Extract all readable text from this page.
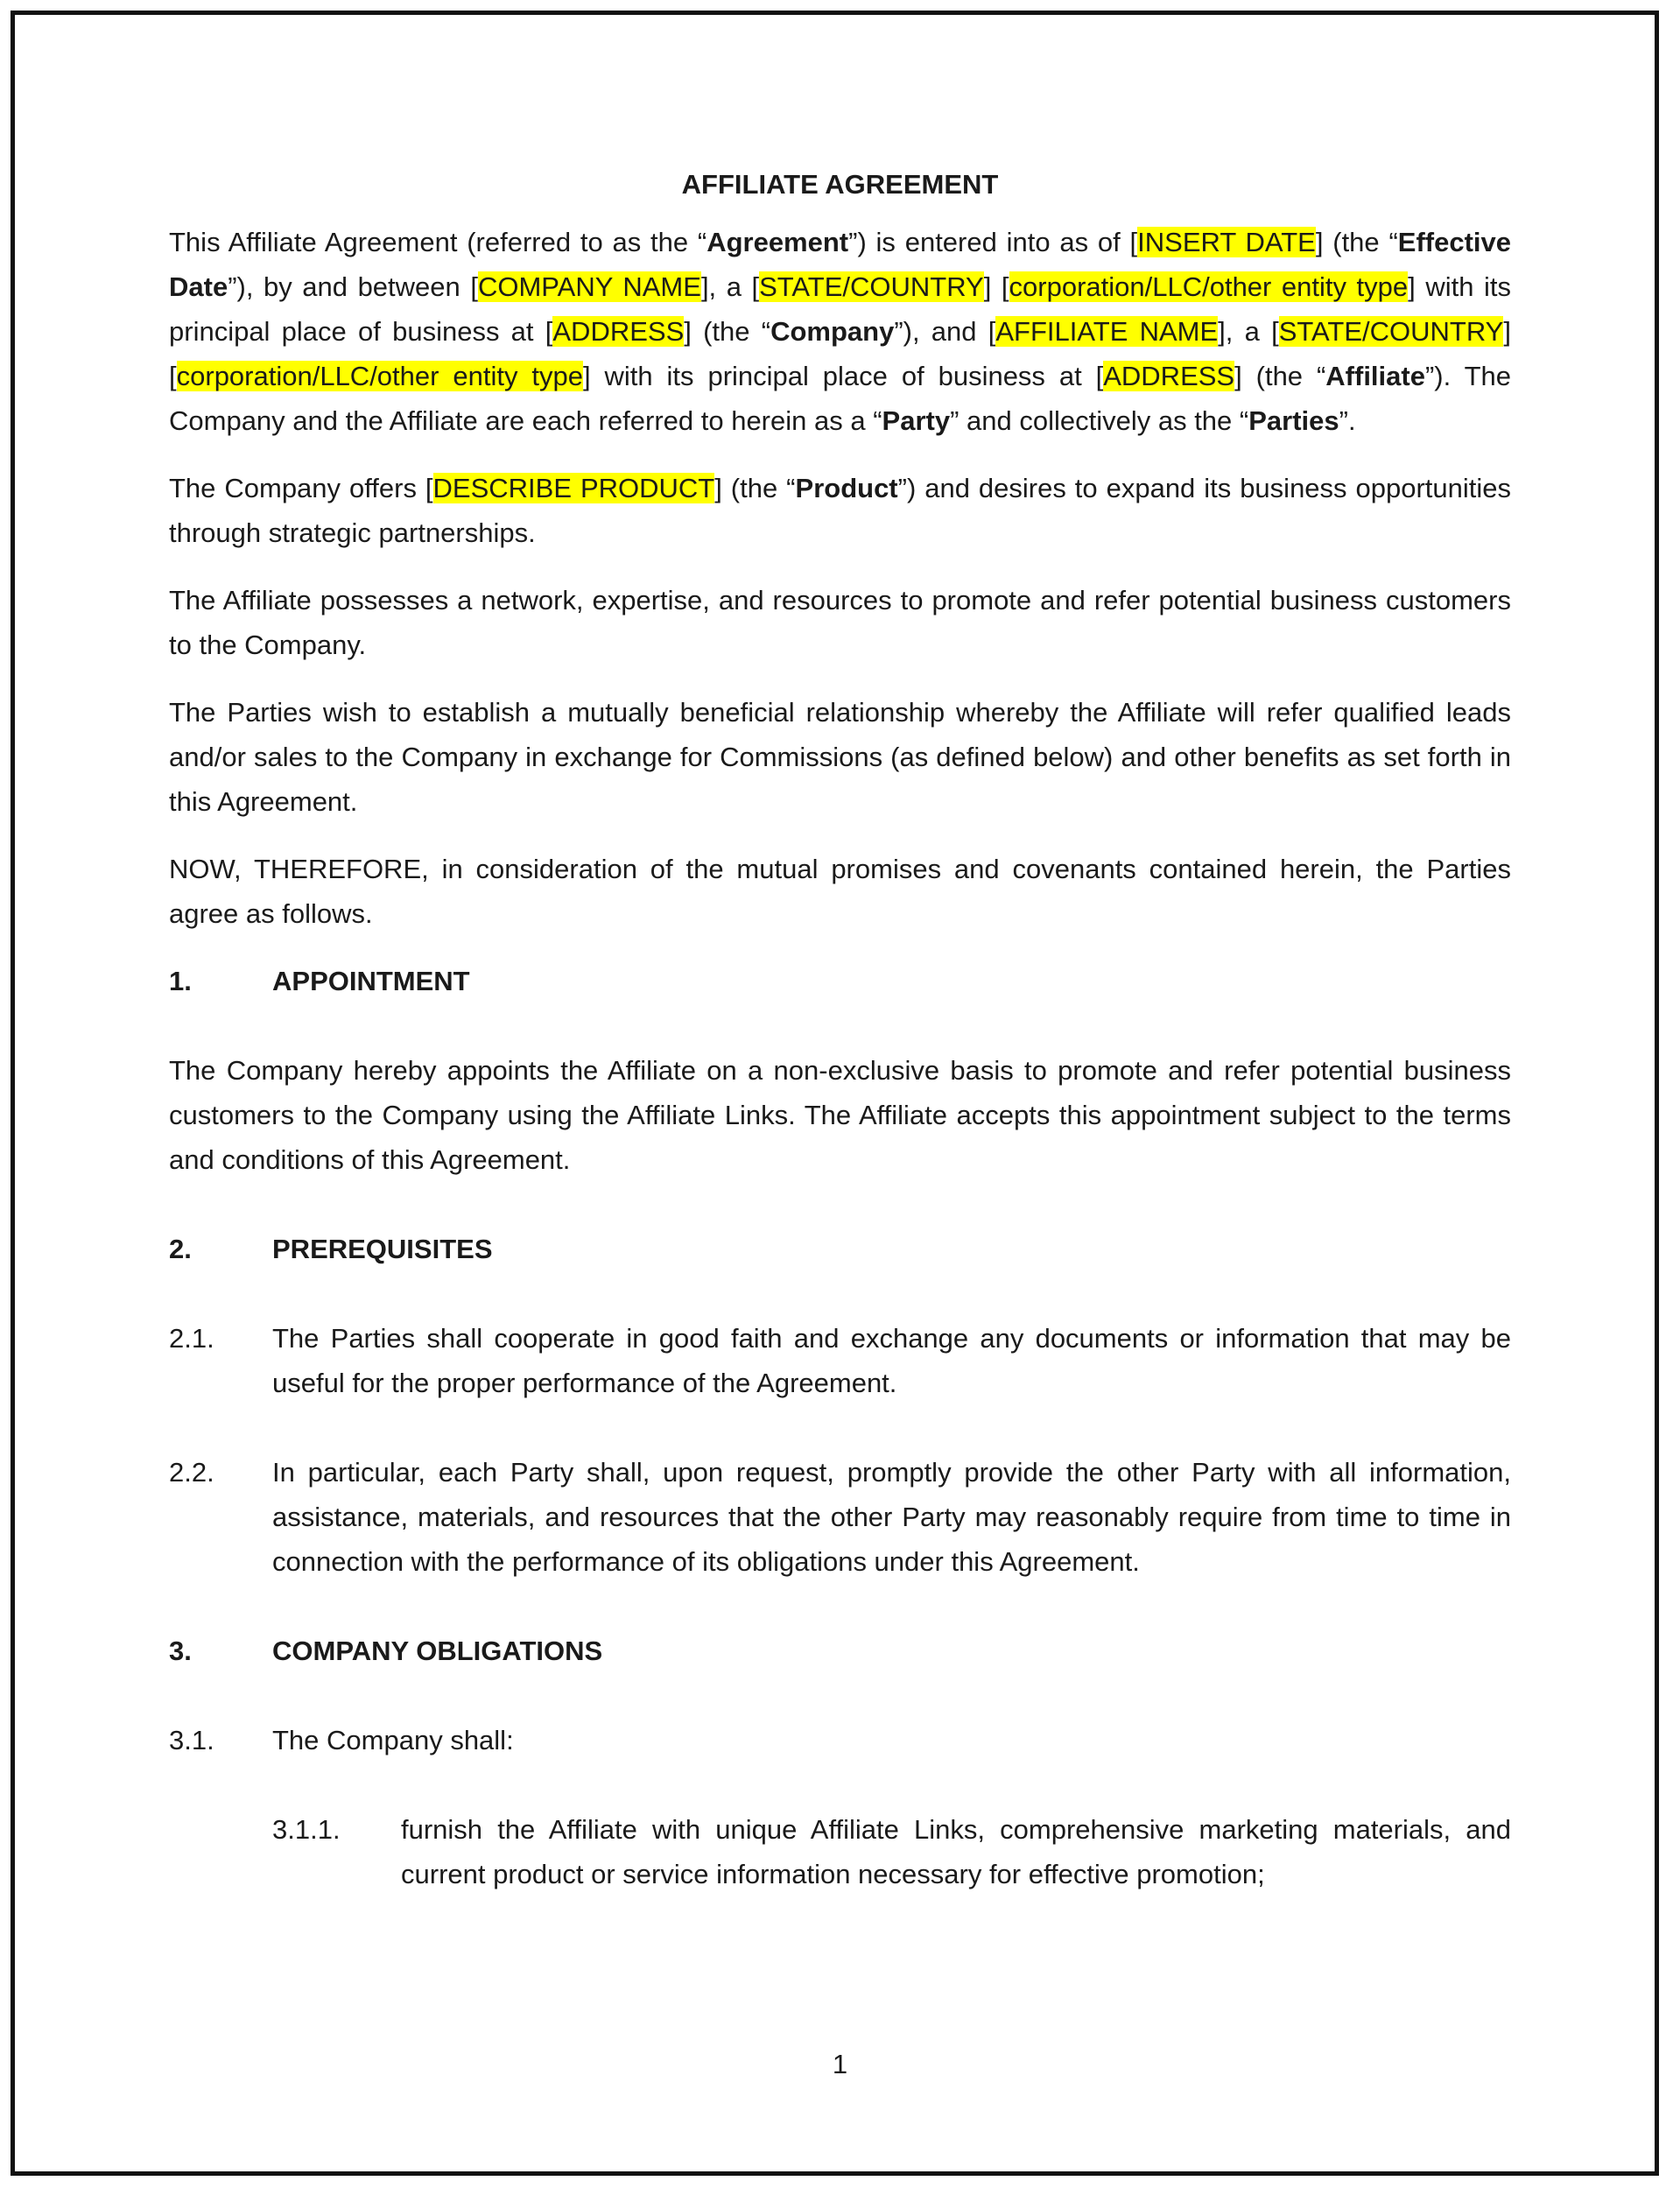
AFFILIATE AGREEMENT

This Affiliate Agreement (referred to as the “Agreement”) is entered into as of [INSERT DATE] (the “Effective Date”), by and between [COMPANY NAME], a [STATE/COUNTRY] [corporation/LLC/other entity type] with its principal place of business at [ADDRESS] (the “Company”), and [AFFILIATE NAME], a [STATE/COUNTRY] [corporation/LLC/other entity type] with its principal place of business at [ADDRESS] (the “Affiliate”). The Company and the Affiliate are each referred to herein as a “Party” and collectively as the “Parties”.

The Company offers [DESCRIBE PRODUCT] (the “Product”) and desires to expand its business opportunities through strategic partnerships.

The Affiliate possesses a network, expertise, and resources to promote and refer potential business customers to the Company.

The Parties wish to establish a mutually beneficial relationship whereby the Affiliate will refer qualified leads and/or sales to the Company in exchange for Commissions (as defined below) and other benefits as set forth in this Agreement.

NOW, THEREFORE, in consideration of the mutual promises and covenants contained herein, the Parties agree as follows.

1.	APPOINTMENT

The Company hereby appoints the Affiliate on a non-exclusive basis to promote and refer potential business customers to the Company using the Affiliate Links. The Affiliate accepts this appointment subject to the terms and conditions of this Agreement.

2.	PREREQUISITES
2.1.	The Parties shall cooperate in good faith and exchange any documents or information that may be useful for the proper performance of the Agreement.
2.2.	In particular, each Party shall, upon request, promptly provide the other Party with all information, assistance, materials, and resources that the other Party may reasonably require from time to time in connection with the performance of its obligations under this Agreement.
3.	COMPANY OBLIGATIONS
3.1.	The Company shall:
3.1.1.	furnish the Affiliate with unique Affiliate Links, comprehensive marketing materials, and current product or service information necessary for effective promotion;
1
